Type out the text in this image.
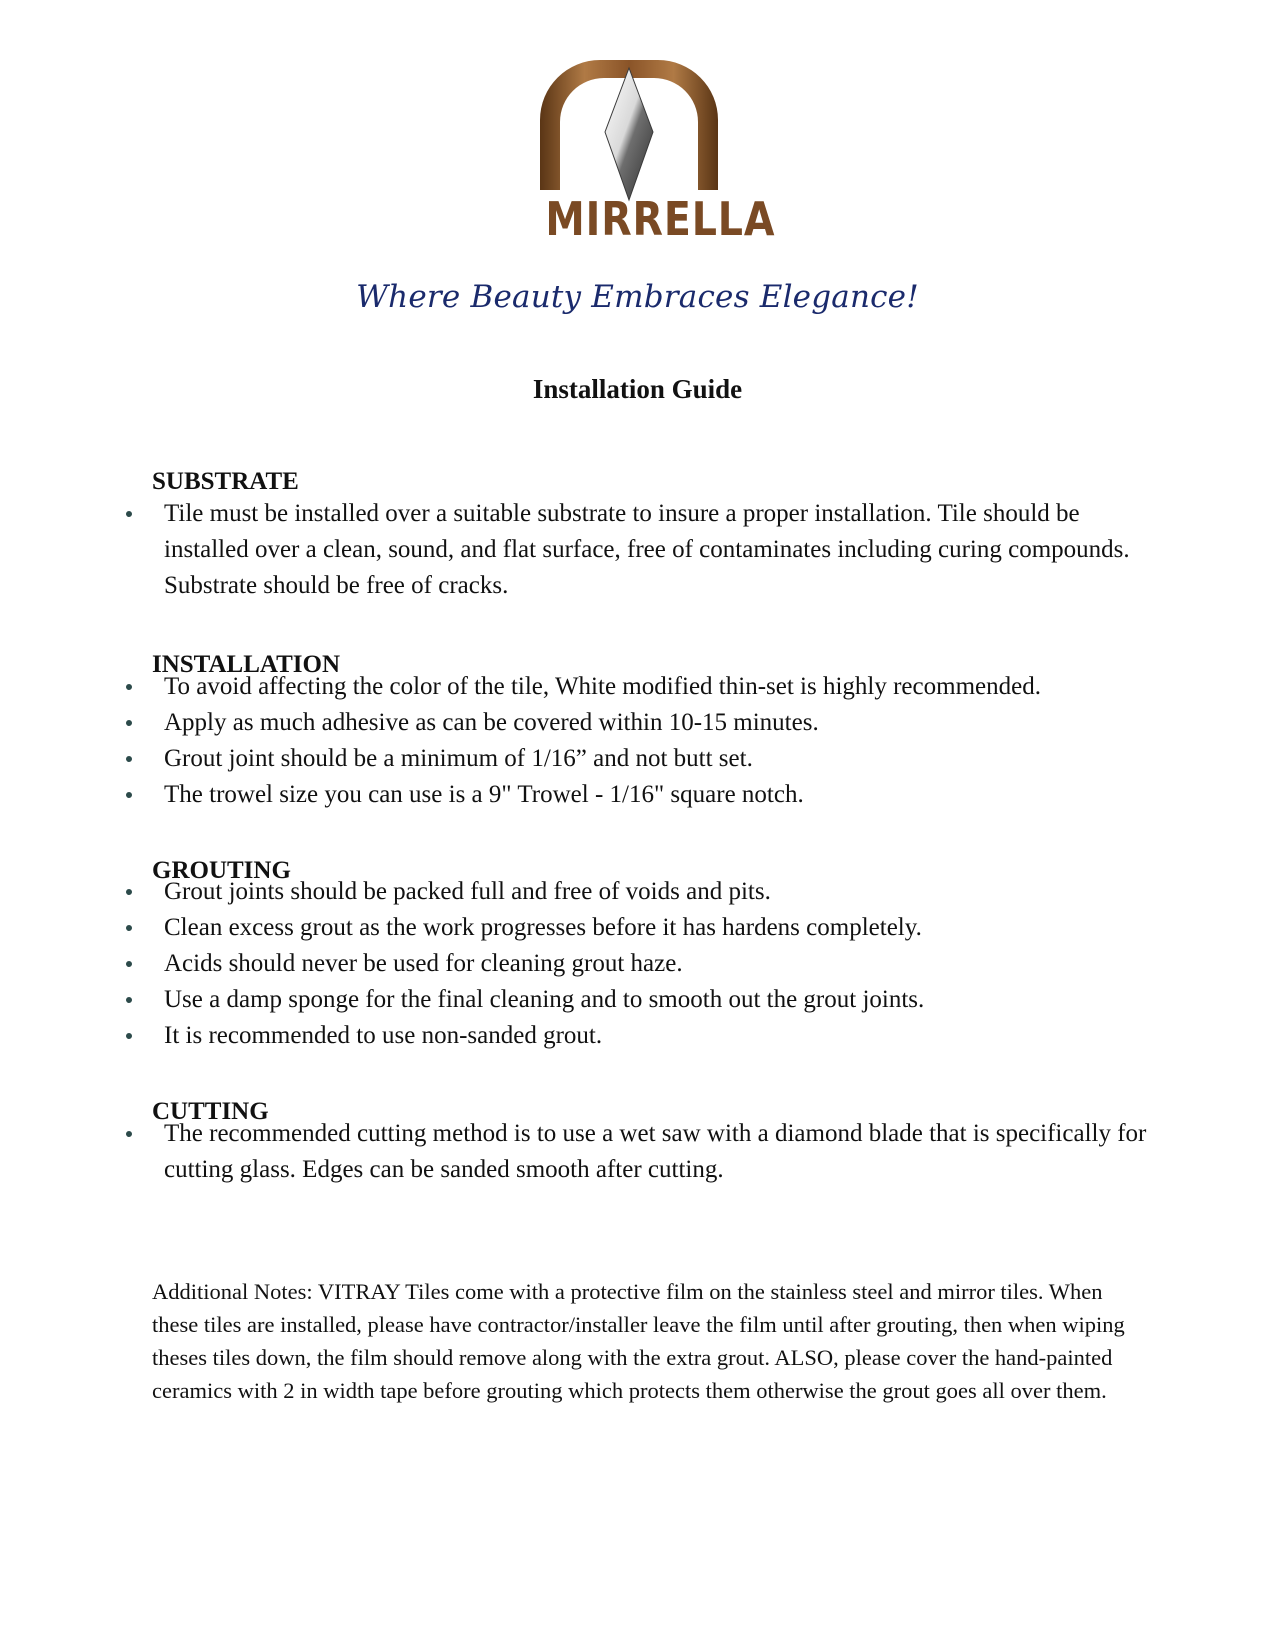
MIRRELLA
Where Beauty Embraces Elegance!
Installation Guide
SUBSTRATE
Tile must be installed over a suitable substrate to insure a proper installation. Tile should be installed over a clean, sound, and flat surface, free of contaminates including curing compounds. Substrate should be free of cracks.
INSTALLATION
To avoid affecting the color of the tile, White modified thin-set is highly recommended.
Apply as much adhesive as can be covered within 10-15 minutes.
Grout joint should be a minimum of 1/16” and not butt set.
The trowel size you can use is a 9" Trowel - 1/16" square notch.
GROUTING
Grout joints should be packed full and free of voids and pits.
Clean excess grout as the work progresses before it has hardens completely.
Acids should never be used for cleaning grout haze.
Use a damp sponge for the final cleaning and to smooth out the grout joints.
It is recommended to use non-sanded grout.
CUTTING
The recommended cutting method is to use a wet saw with a diamond blade that is specifically for cutting glass. Edges can be sanded smooth after cutting.

Additional Notes: VITRAY Tiles come with a protective film on the stainless steel and mirror tiles. When these tiles are installed, please have contractor/installer leave the film until after grouting, then when wiping theses tiles down, the film should remove along with the extra grout. ALSO, please cover the hand-painted ceramics with 2 in width tape before grouting which protects them otherwise the grout goes all over them.
